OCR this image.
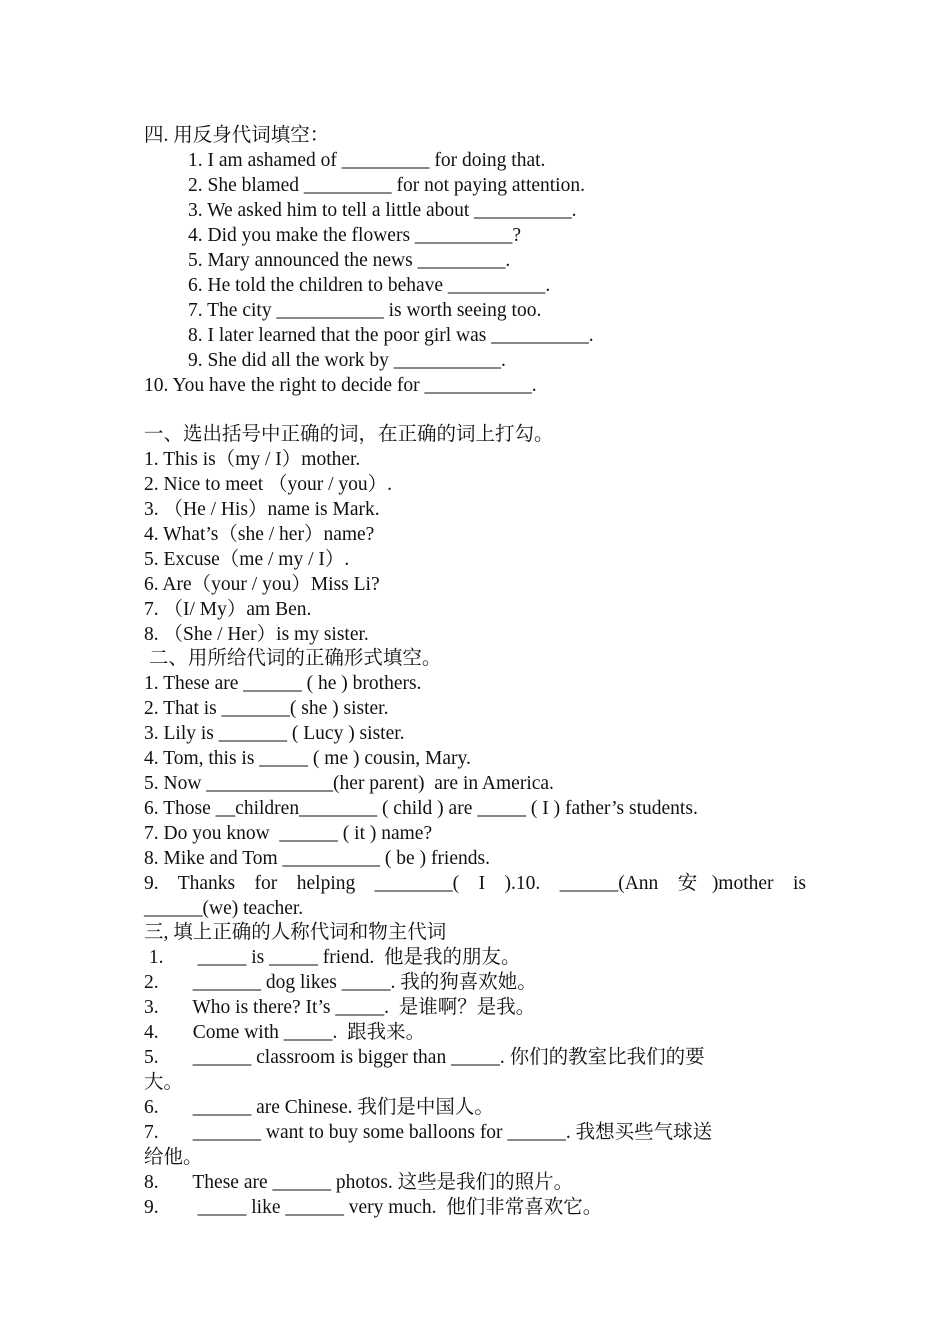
四. 用反身代词填空：
1. I am ashamed of _________ for doing that.
2. She blamed _________ for not paying attention.
3. We asked him to tell a little about __________.
4. Did you make the flowers __________?
5. Mary announced the news _________.
6. He told the children to behave __________.
7. The city ___________ is worth seeing too.
8. I later learned that the poor girl was __________.
9. She did all the work by ___________.
10. You have the right to decide for ___________.
一、选出括号中正确的词，在正确的词上打勾。
1. This is（my / I）mother.
2. Nice to meet （your / you）.
3. （He / His）name is Mark.
4. What’s（she / her）name?
5. Excuse（me / my / I）.
6. Are（your / you）Miss Li?
7. （I/ My）am Ben.
8. （She / Her）is my sister.
二、用所给代词的正确形式填空。
1. These are ______ ( he ) brothers.
2. That is _______( she ) sister.
3. Lily is _______ ( Lucy ) sister.
4. Tom, this is _____ ( me ) cousin, Mary.
5. Now _____________(her parent)  are in America.
6. Those __children________ ( child ) are _____ ( I ) father’s students.
7. Do you know  ______ ( it ) name?
8. Mike and Tom __________ ( be ) friends.
9.  Thanks  for  helping  ________(  I  ).10.  ______(Ann  安 )mother  is
______(we) teacher.
三, 填上正确的人称代词和物主代词
1.       _____ is _____ friend.  他是我的朋友。
2.       _______ dog likes _____. 我的狗喜欢她。
3.       Who is there? It’s _____.  是谁啊？是我。
4.       Come with _____.  跟我来。
5.       ______ classroom is bigger than _____. 你们的教室比我们的要
大。
6.       ______ are Chinese. 我们是中国人。
7.       _______ want to buy some balloons for ______. 我想买些气球送
给他。
8.       These are ______ photos. 这些是我们的照片。
9.        _____ like ______ very much.  他们非常喜欢它。
